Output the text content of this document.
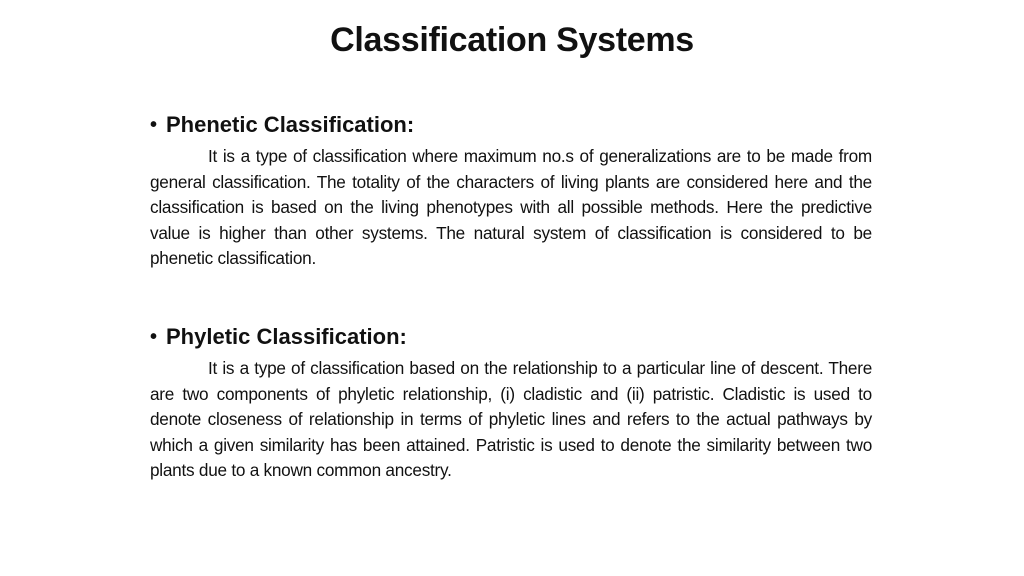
Classification Systems
• Phenetic Classification:

It is a type of classification where maximum no.s of generalizations are to be made from general classification. The totality of the characters of living plants are considered here and the classification is based on the living phenotypes with all possible methods. Here the predictive value is higher than other systems. The natural system of classification is considered to be phenetic classification.

• Phyletic Classification:

It is a type of classification based on the relationship to a particular line of descent. There are two components of phyletic relationship, (i) cladistic and (ii) patristic. Cladistic is used to denote closeness of relationship in terms of phyletic lines and refers to the actual pathways by which a given similarity has been attained. Patristic is used to denote the similarity between two plants due to a known common ancestry.
